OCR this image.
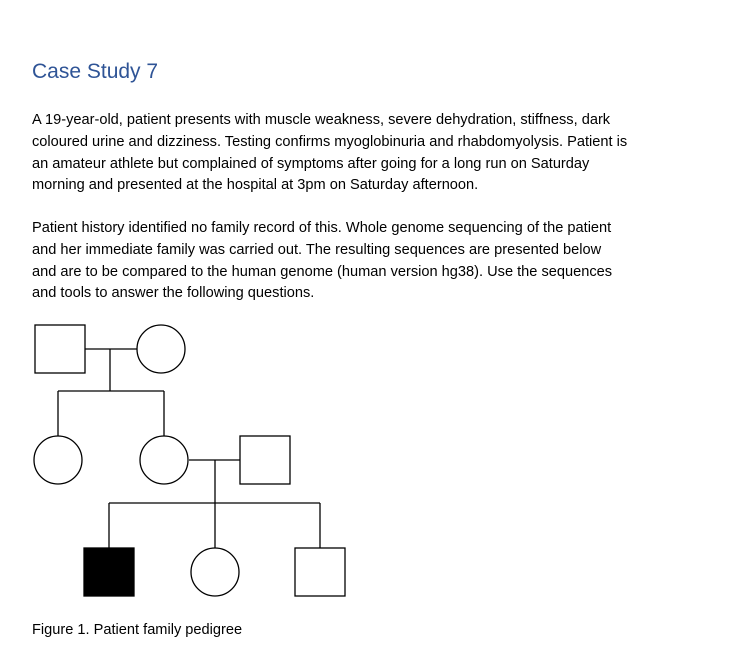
Case Study 7

A 19-year-old, patient presents with muscle weakness, severe dehydration, stiffness, dark
coloured urine and dizziness. Testing confirms myoglobinuria and rhabdomyolysis. Patient is
an amateur athlete but complained of symptoms after going for a long run on Saturday
morning and presented at the hospital at 3pm on Saturday afternoon.

Patient history identified no family record of this. Whole genome sequencing of the patient
and her immediate family was carried out. The resulting sequences are presented below
and are to be compared to the human genome (human version hg38). Use the sequences
and tools to answer the following questions.

Figure 1. Patient family pedigree
